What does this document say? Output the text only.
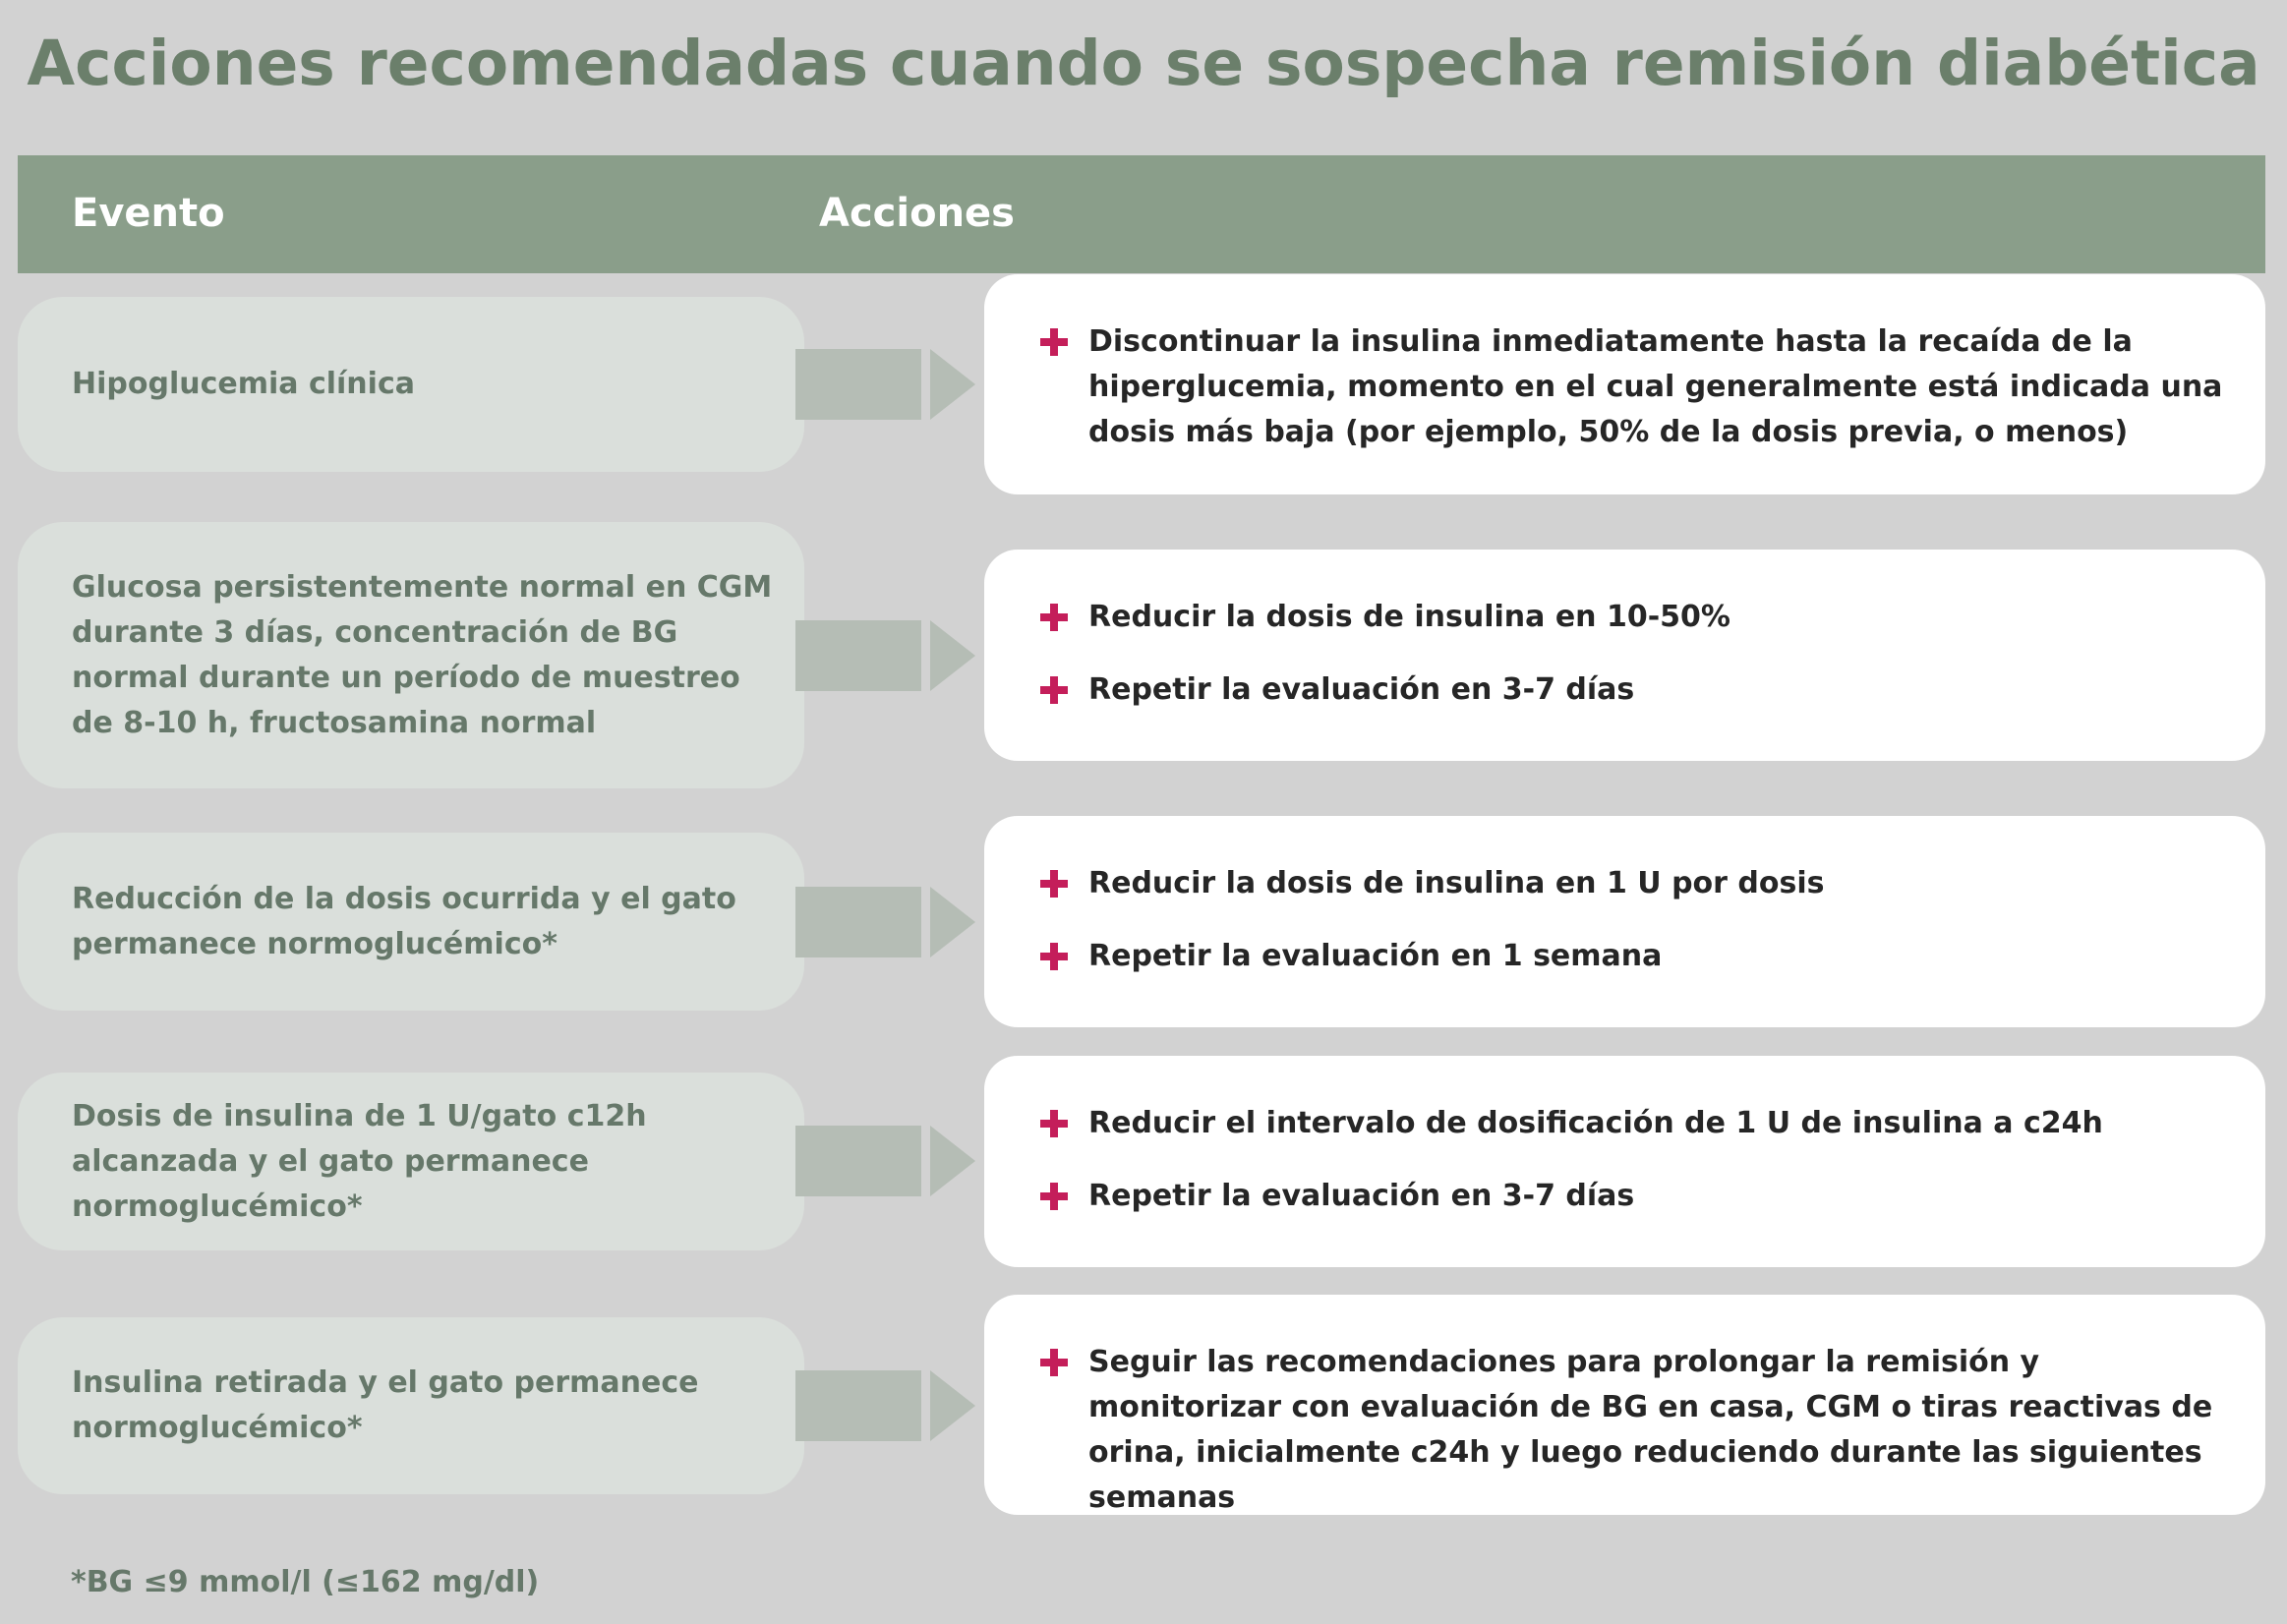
Acciones recomendadas cuando se sospecha remisión diabética
Evento	Acciones
Hipoglucemia clínica
Discontinuar la insulina inmediatamente hasta la recaída de la hiperglucemia, momento en el cual generalmente está indicada una dosis más baja (por ejemplo, 50% de la dosis previa, o menos)
Glucosa persistentemente normal en CGM durante 3 días, concentración de BG normal durante un período de muestreo de 8-10 h, fructosamina normal
Reducir la dosis de insulina en 10-50%
Repetir la evaluación en 3-7 días
Reducción de la dosis ocurrida y el gato permanece normoglucémico*
Reducir la dosis de insulina en 1 U por dosis
Repetir la evaluación en 1 semana
Dosis de insulina de 1 U/gato c12h alcanzada y el gato permanece normoglucémico*
Reducir el intervalo de dosificación de 1 U de insulina a c24h
Repetir la evaluación en 3-7 días
Insulina retirada y el gato permanece normoglucémico*
Seguir las recomendaciones para prolongar la remisión y monitorizar con evaluación de BG en casa, CGM o tiras reactivas de orina, inicialmente c24h y luego reduciendo durante las siguientes semanas
*BG ≤9 mmol/l (≤162 mg/dl)
